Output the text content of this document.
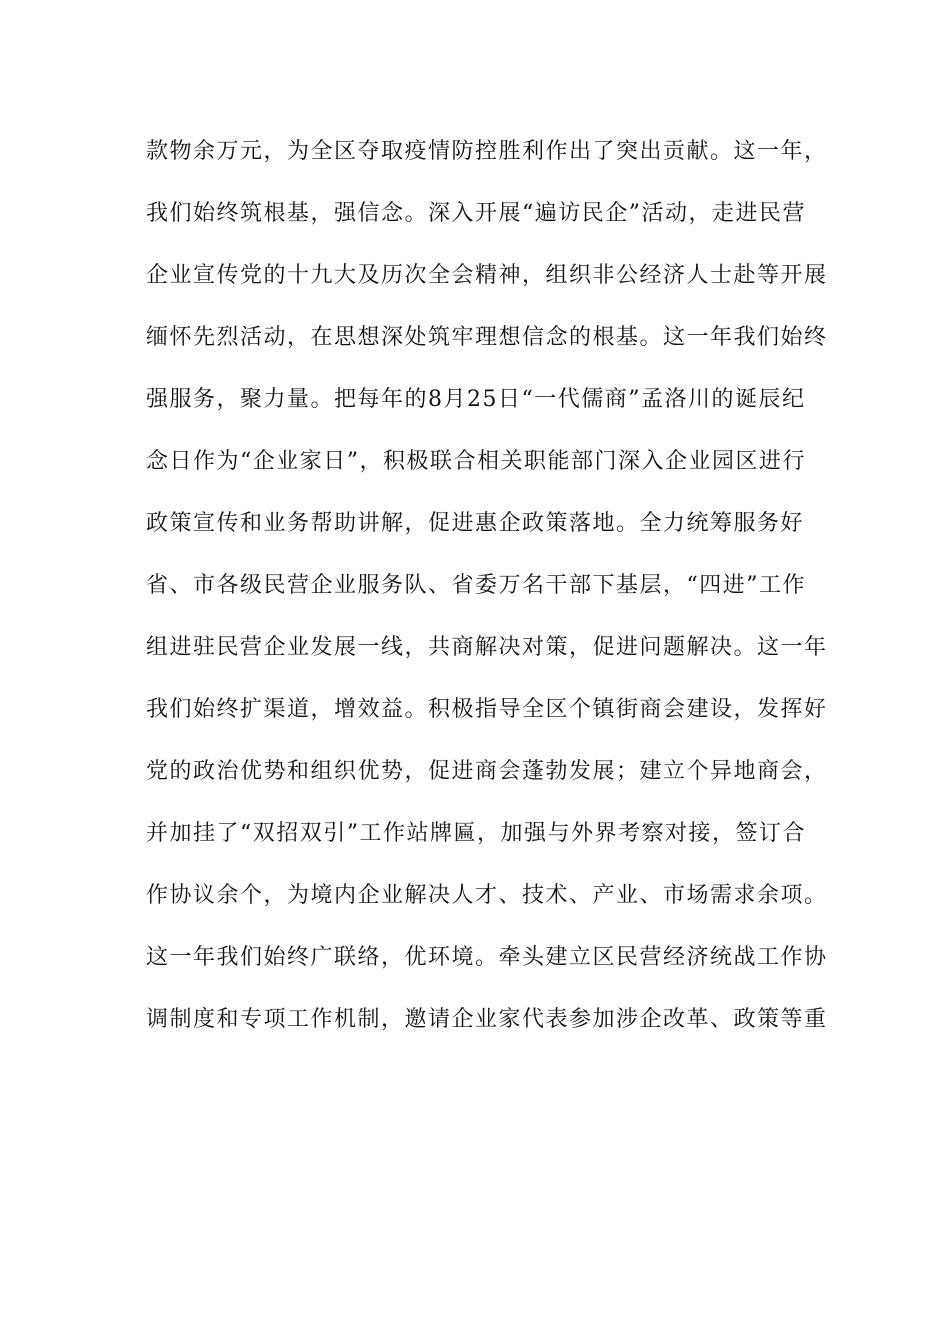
款物余万元，为全区夺取疫情防控胜利作出了突出贡献。这一年，

我们始终筑根基，强信念。深入开展“遍访民企”活动，走进民营

企业宣传党的十九大及历次全会精神，组织非公经济人士赴等开展

缅怀先烈活动，在思想深处筑牢理想信念的根基。这一年我们始终

强服务，聚力量。把每年的8月25日“一代儒商”孟洛川的诞辰纪

念日作为“企业家日”，积极联合相关职能部门深入企业园区进行

政策宣传和业务帮助讲解，促进惠企政策落地。全力统筹服务好

省、市各级民营企业服务队、省委万名干部下基层，“四进”工作

组进驻民营企业发展一线，共商解决对策，促进问题解决。这一年

我们始终扩渠道，增效益。积极指导全区个镇街商会建设，发挥好

党的政治优势和组织优势，促进商会蓬勃发展；建立个异地商会，

并加挂了“双招双引”工作站牌匾，加强与外界考察对接，签订合

作协议余个，为境内企业解决人才、技术、产业、市场需求余项。

这一年我们始终广联络，优环境。牵头建立区民营经济统战工作协

调制度和专项工作机制，邀请企业家代表参加涉企改革、政策等重
